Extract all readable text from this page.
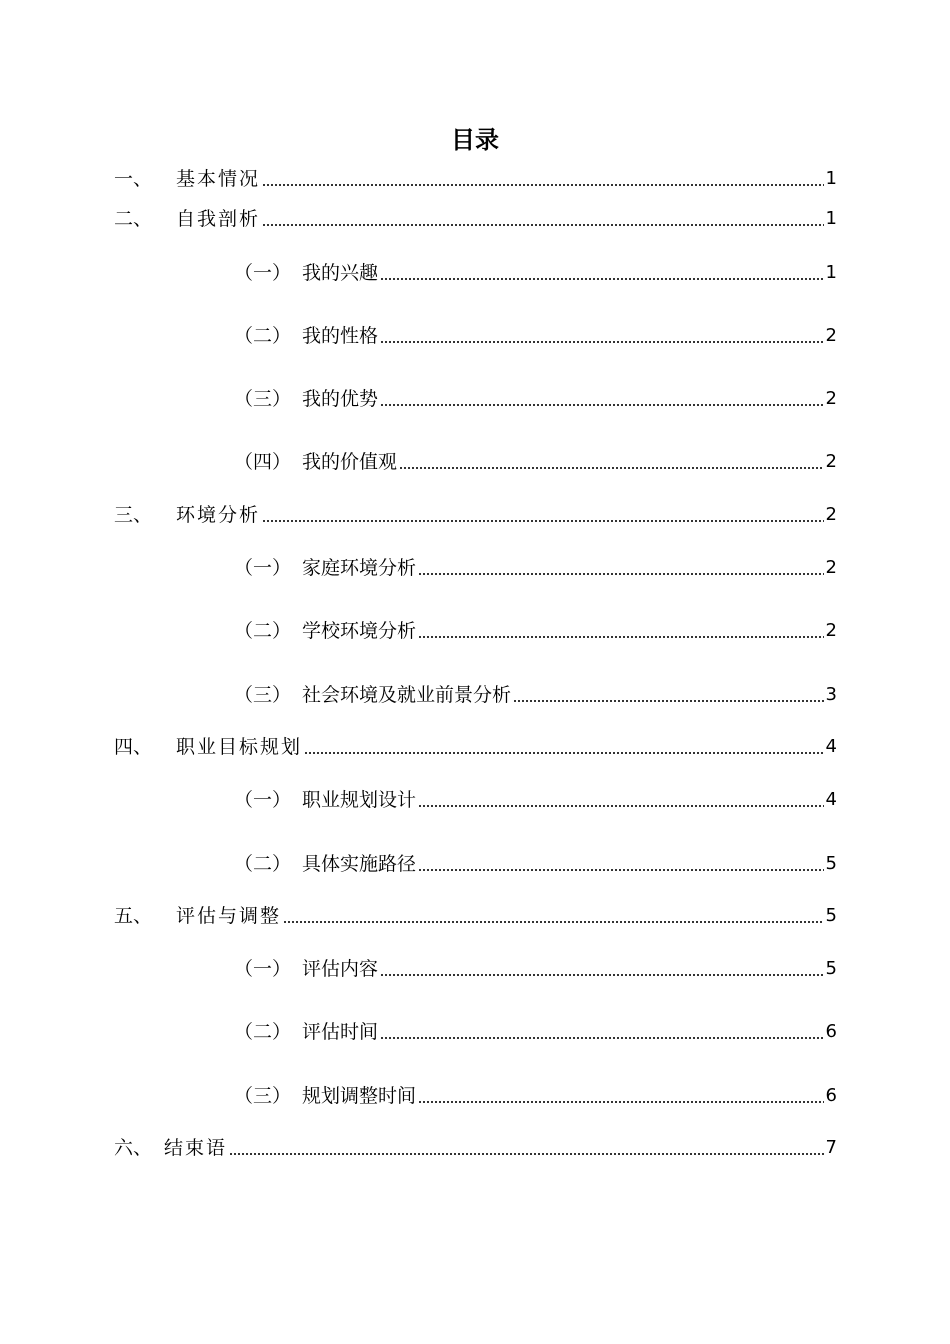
目录
一、	基本情况	1
二、	自我剖析	1
（一） 我的兴趣	1
（二） 我的性格	2
（三） 我的优势	2
（四） 我的价值观	2
三、	环境分析	2
（一） 家庭环境分析	2
（二） 学校环境分析	2
（三） 社会环境及就业前景分析	3
四、	职业目标规划	4
（一） 职业规划设计	4
（二） 具体实施路径	5
五、	评估与调整	5
（一） 评估内容	5
（二） 评估时间	6
（三） 规划调整时间	6
六、 结束语	7
